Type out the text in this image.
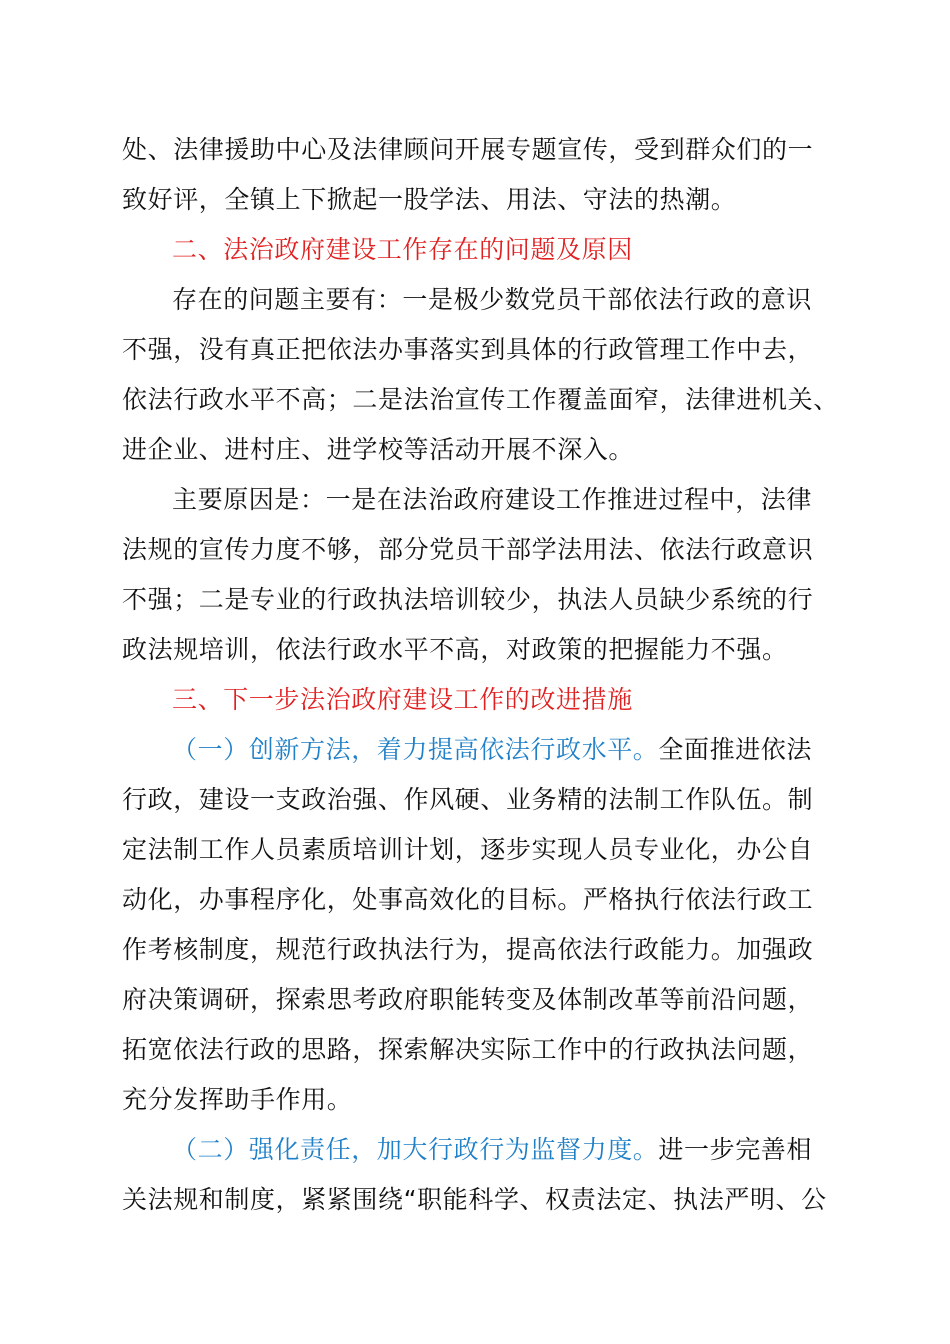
处、法律援助中心及法律顾问开展专题宣传，受到群众们的一
致好评，全镇上下掀起一股学法、用法、守法的热潮。
二、法治政府建设工作存在的问题及原因
存在的问题主要有：一是极少数党员干部依法行政的意识
不强，没有真正把依法办事落实到具体的行政管理工作中去，
依法行政水平不高；二是法治宣传工作覆盖面窄，法律进机关、
进企业、进村庄、进学校等活动开展不深入。
主要原因是：一是在法治政府建设工作推进过程中，法律
法规的宣传力度不够，部分党员干部学法用法、依法行政意识
不强；二是专业的行政执法培训较少，执法人员缺少系统的行
政法规培训，依法行政水平不高，对政策的把握能力不强。
三、下一步法治政府建设工作的改进措施
（一）创新方法，着力提高依法行政水平。全面推进依法
行政，建设一支政治强、作风硬、业务精的法制工作队伍。制
定法制工作人员素质培训计划，逐步实现人员专业化，办公自
动化，办事程序化，处事高效化的目标。严格执行依法行政工
作考核制度，规范行政执法行为，提高依法行政能力。加强政
府决策调研，探索思考政府职能转变及体制改革等前沿问题，
拓宽依法行政的思路，探索解决实际工作中的行政执法问题，
充分发挥助手作用。
（二）强化责任，加大行政行为监督力度。进一步完善相
关法规和制度，紧紧围绕“职能科学、权责法定、执法严明、公
